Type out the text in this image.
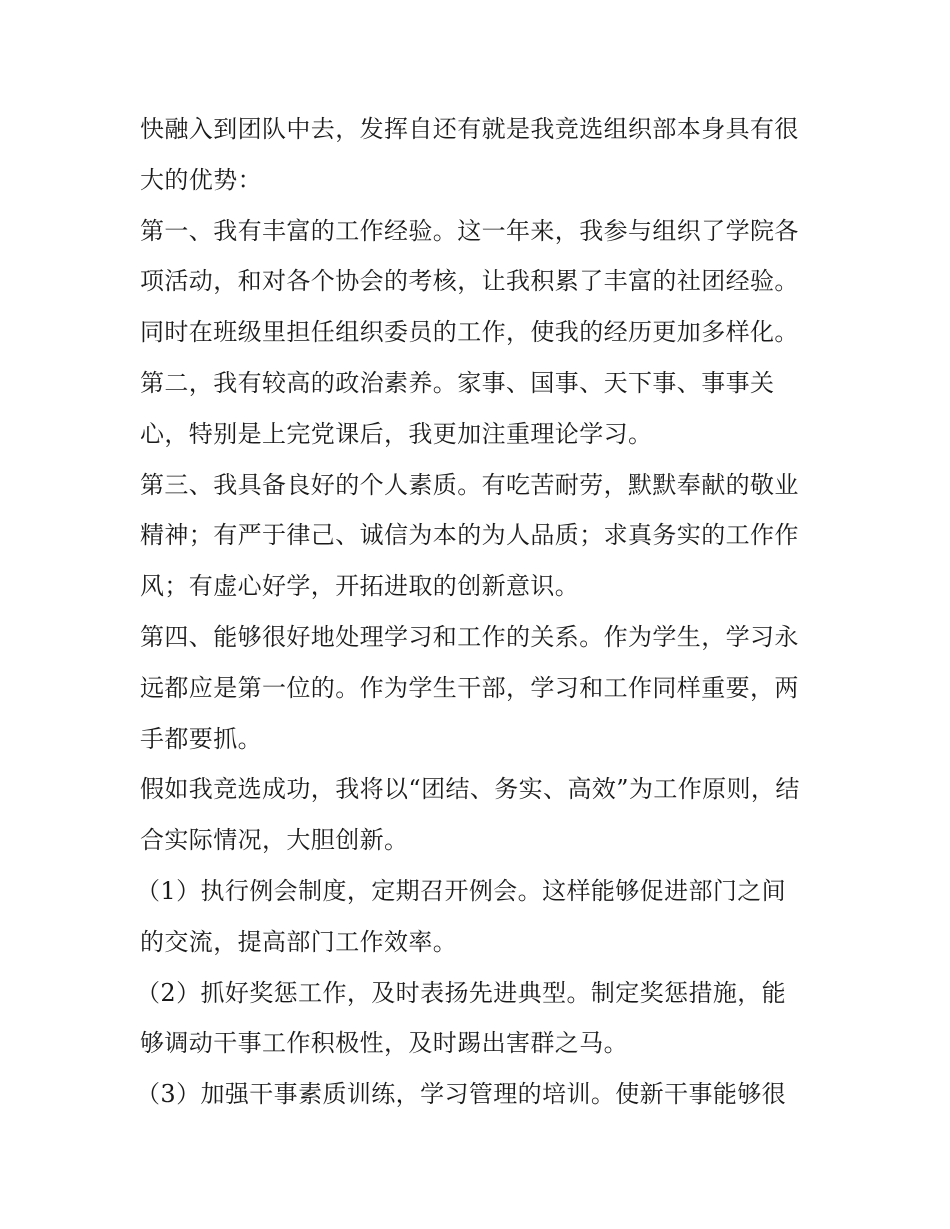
快融入到团队中去，发挥自还有就是我竞选组织部本身具有很
大的优势：
第一、我有丰富的工作经验。这一年来，我参与组织了学院各
项活动，和对各个协会的考核，让我积累了丰富的社团经验。
同时在班级里担任组织委员的工作，使我的经历更加多样化。
第二，我有较高的政治素养。家事、国事、天下事、事事关
心，特别是上完党课后，我更加注重理论学习。
第三、我具备良好的个人素质。有吃苦耐劳，默默奉献的敬业
精神；有严于律己、诚信为本的为人品质；求真务实的工作作
风；有虚心好学，开拓进取的创新意识。
第四、能够很好地处理学习和工作的关系。作为学生，学习永
远都应是第一位的。作为学生干部，学习和工作同样重要，两
手都要抓。
假如我竞选成功，我将以“团结、务实、高效”为工作原则，结
合实际情况，大胆创新。
（1）执行例会制度，定期召开例会。这样能够促进部门之间
的交流，提高部门工作效率。
（2）抓好奖惩工作，及时表扬先进典型。制定奖惩措施，能
够调动干事工作积极性，及时踢出害群之马。
（3）加强干事素质训练，学习管理的培训。使新干事能够很
